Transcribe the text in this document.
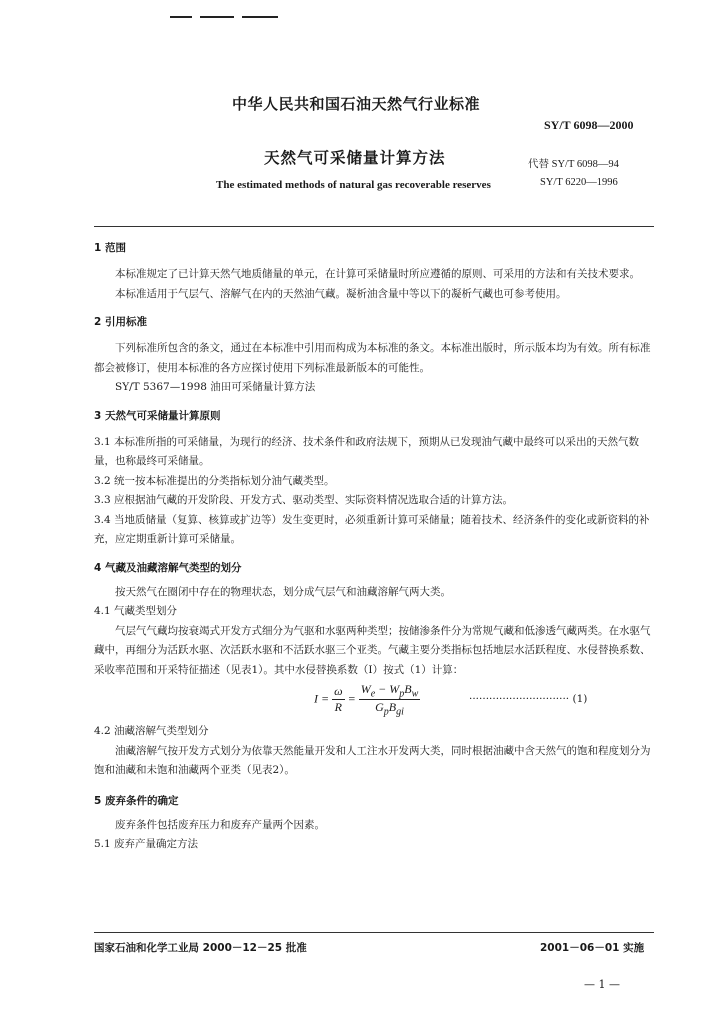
中华人民共和国石油天然气行业标准
SY/T 6098—2000
天然气可采储量计算方法	代替 SY/T 6098—94
SY/T 6220—1996
The estimated methods of natural gas recoverable reserves
1 范围

本标准规定了已计算天然气地质储量的单元，在计算可采储量时所应遵循的原则、可采用的方法和有关技术要求。

本标准适用于气层气、溶解气在内的天然油气藏。凝析油含量中等以下的凝析气藏也可参考使用。

2 引用标准

下列标准所包含的条文，通过在本标准中引用而构成为本标准的条文。本标准出版时，所示版本均为有效。所有标准都会被修订，使用本标准的各方应探讨使用下列标准最新版本的可能性。

SY/T 5367—1998 油田可采储量计算方法

3 天然气可采储量计算原则

3.1 本标准所指的可采储量，为现行的经济、技术条件和政府法规下，预期从已发现油气藏中最终可以采出的天然气数量，也称最终可采储量。

3.2 统一按本标准提出的分类指标划分油气藏类型。

3.3 应根据油气藏的开发阶段、开发方式、驱动类型、实际资料情况选取合适的计算方法。

3.4 当地质储量（复算、核算或扩边等）发生变更时，必须重新计算可采储量；随着技术、经济条件的变化或新资料的补充，应定期重新计算可采储量。

4 气藏及油藏溶解气类型的划分

按天然气在圈闭中存在的物理状态，划分成气层气和油藏溶解气两大类。

4.1 气藏类型划分

气层气气藏均按衰竭式开发方式细分为气驱和水驱两种类型；按储渗条件分为常规气藏和低渗透气藏两类。在水驱气藏中，再细分为活跃水驱、次活跃水驱和不活跃水驱三个亚类。气藏主要分类指标包括地层水活跃程度、水侵替换系数、采收率范围和开采特征描述（见表1）。其中水侵替换系数（I）按式（1）计算：

$I = \frac{\omega}{R} = \frac{W_e - W_pB_w}{G_pB_{gi}}$	······························ (1)

4.2 油藏溶解气类型划分

油藏溶解气按开发方式划分为依靠天然能量开发和人工注水开发两大类，同时根据油藏中含天然气的饱和程度划分为饱和油藏和未饱和油藏两个亚类（见表2）。

5 废弃条件的确定

废弃条件包括废弃压力和废弃产量两个因素。

5.1 废弃产量确定方法

国家石油和化学工业局 2000－12－25 批准	2001－06－01 实施
— 1 —
